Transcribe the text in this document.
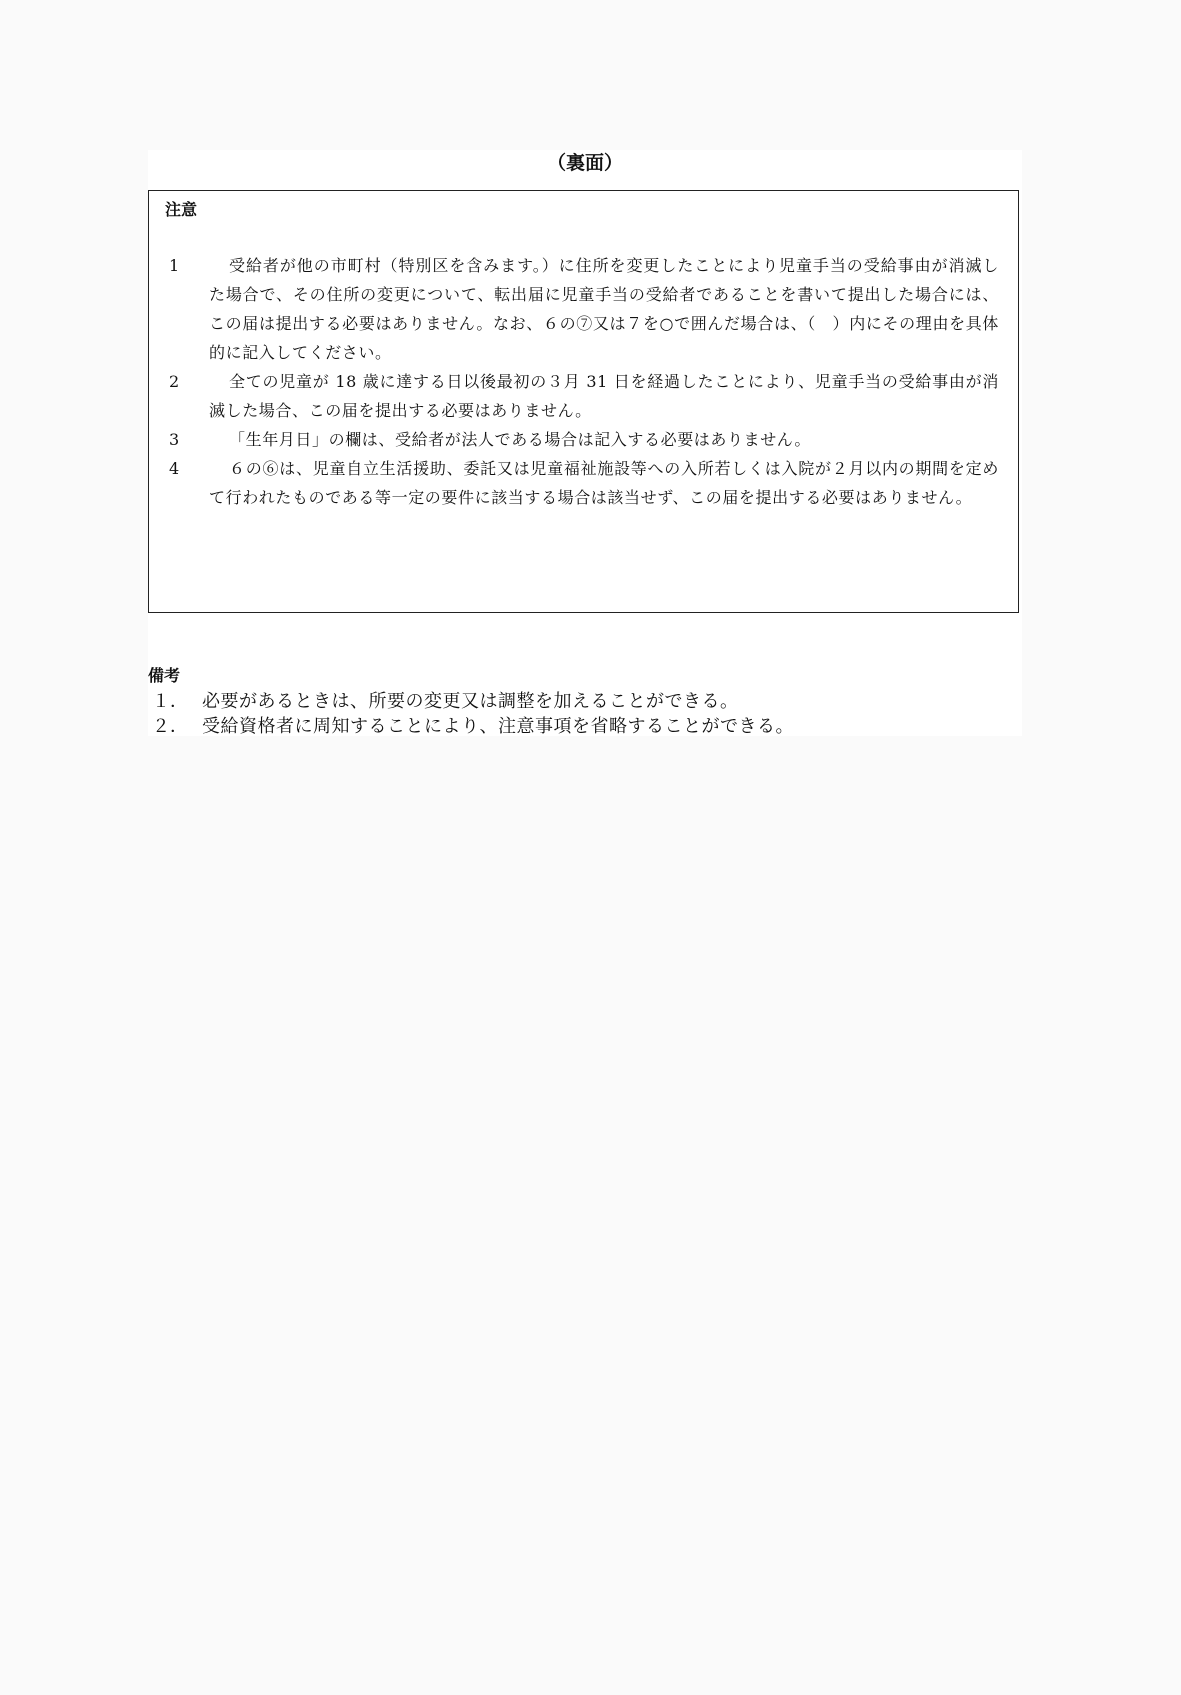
（裏面）
注意
1	受給者が他の市町村（特別区を含みます。）に住所を変更したことにより児童手当の受給事由が消滅した場合で、その住所の変更について、転出届に児童手当の受給者であることを書いて提出した場合には、この届は提出する必要はありません。なお、６の⑦又は７を○で囲んだ場合は、（　）内にその理由を具体的に記入してください。
2	全ての児童が 18 歳に達する日以後最初の３月 31 日を経過したことにより、児童手当の受給事由が消滅した場合、この届を提出する必要はありません。
3	「生年月日」の欄は、受給者が法人である場合は記入する必要はありません。
4	６の⑥は、児童自立生活援助、委託又は児童福祉施設等への入所若しくは入院が２月以内の期間を定めて行われたものである等一定の要件に該当する場合は該当せず、この届を提出する必要はありません。
備考
１． 必要があるときは、所要の変更又は調整を加えることができる。
２． 受給資格者に周知することにより、注意事項を省略することができる。
